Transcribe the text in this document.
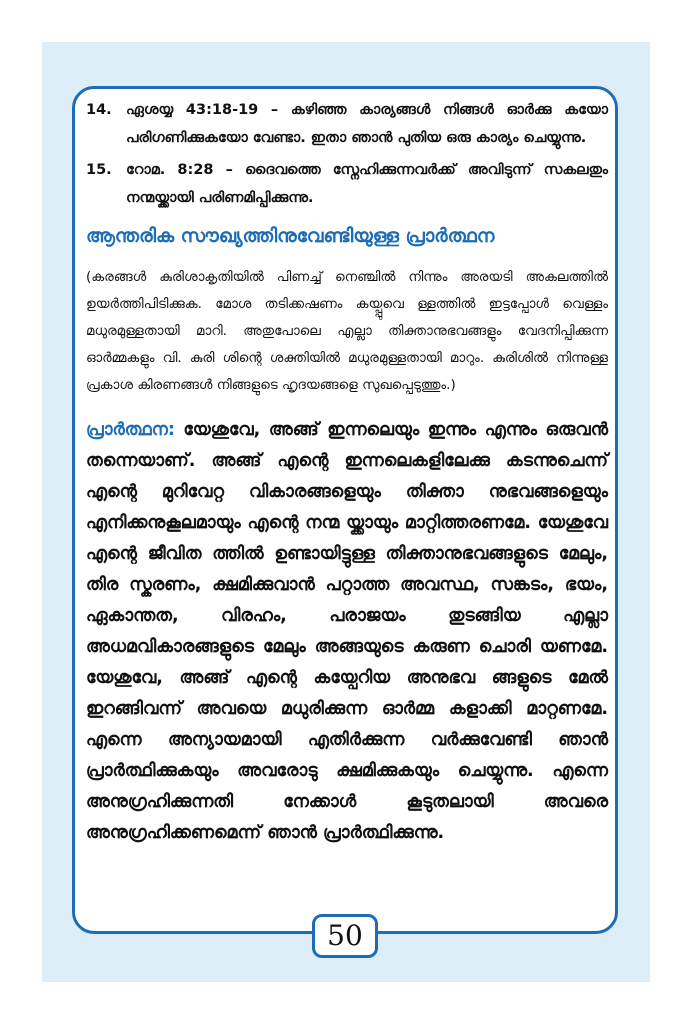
14. ഏശയ്യ 43:18-19 – കഴിഞ്ഞ കാര്യങ്ങൾ നിങ്ങൾ ഓർക്കു കയോ പരിഗണിക്കുകയോ വേണ്ടാ. ഇതാ ഞാൻ പുതിയ ഒരു കാര്യം ചെയ്യുന്നു.
15. റോമ. 8:28 – ദൈവത്തെ സ്നേഹിക്കുന്നവർക്ക് അവിടുന്ന് സകലതും നന്മയ്ക്കായി പരിണമിപ്പിക്കുന്നു.
ആന്തരിക സൗഖ്യത്തിനുവേണ്ടിയുള്ള പ്രാർത്ഥന
(കരങ്ങൾ കുരിശാകൃതിയിൽ പിണച്ച് നെഞ്ചിൽ നിന്നും അരയടി അകലത്തിൽ ഉയർത്തിപിടിക്കുക. മോശ തടിക്കഷണം കയ്പ്പുവെ ള്ളത്തിൽ ഇട്ടപ്പോൾ വെള്ളം മധുരമുള്ളതായി മാറി. അതുപോലെ എല്ലാ തിക്താനുഭവങ്ങളും വേദനിപ്പിക്കുന്ന ഓർമ്മകളും വി. കുരി ശിന്റെ ശക്തിയിൽ മധുരമുള്ളതായി മാറും. കുരിശിൽ നിന്നുള്ള പ്രകാശ കിരണങ്ങൾ നിങ്ങളുടെ ഹൃദയങ്ങളെ സുഖപ്പെടുത്തും.)
പ്രാർത്ഥന: യേശുവേ, അങ്ങ് ഇന്നലെയും ഇന്നും എന്നും ഒരുവൻ തന്നെയാണ്. അങ്ങ് എന്റെ ഇന്നലെകളിലേക്കു കടന്നുചെന്ന് എന്റെ മുറിവേറ്റ വികാരങ്ങളെയും തിക്താ നുഭവങ്ങളെയും എനിക്കനുകൂലമായും എന്റെ നന്മ യ്ക്കായും മാറ്റിത്തരണമേ. യേശുവേ എന്റെ ജീവിത ത്തിൽ ഉണ്ടായിട്ടുള്ള തിക്താനുഭവങ്ങളുടെ മേലും, തിര സ്കരണം, ക്ഷമിക്കുവാൻ പറ്റാത്ത അവസ്ഥ, സങ്കടം, ഭയം, ഏകാന്തത, വിരഹം, പരാജയം തുടങ്ങിയ എല്ലാ അധമവികാരങ്ങളുടെ മേലും അങ്ങയുടെ കരുണ ചൊരി യണമേ. യേശുവേ, അങ്ങ് എന്റെ കയ്പേറിയ അനുഭവ ങ്ങളുടെ മേൽ ഇറങ്ങിവന്ന് അവയെ മധുരിക്കുന്ന ഓർമ്മ കളാക്കി മാറ്റണമേ. എന്നെ അന്യായമായി എതിർക്കുന്ന വർക്കുവേണ്ടി ഞാൻ പ്രാർത്ഥിക്കുകയും അവരോടു ക്ഷമിക്കുകയും ചെയ്യുന്നു. എന്നെ അനുഗ്രഹിക്കുന്നതി നേക്കാൾ കൂടുതലായി അവരെ അനുഗ്രഹിക്കണമെന്ന് ഞാൻ പ്രാർത്ഥിക്കുന്നു.
50
